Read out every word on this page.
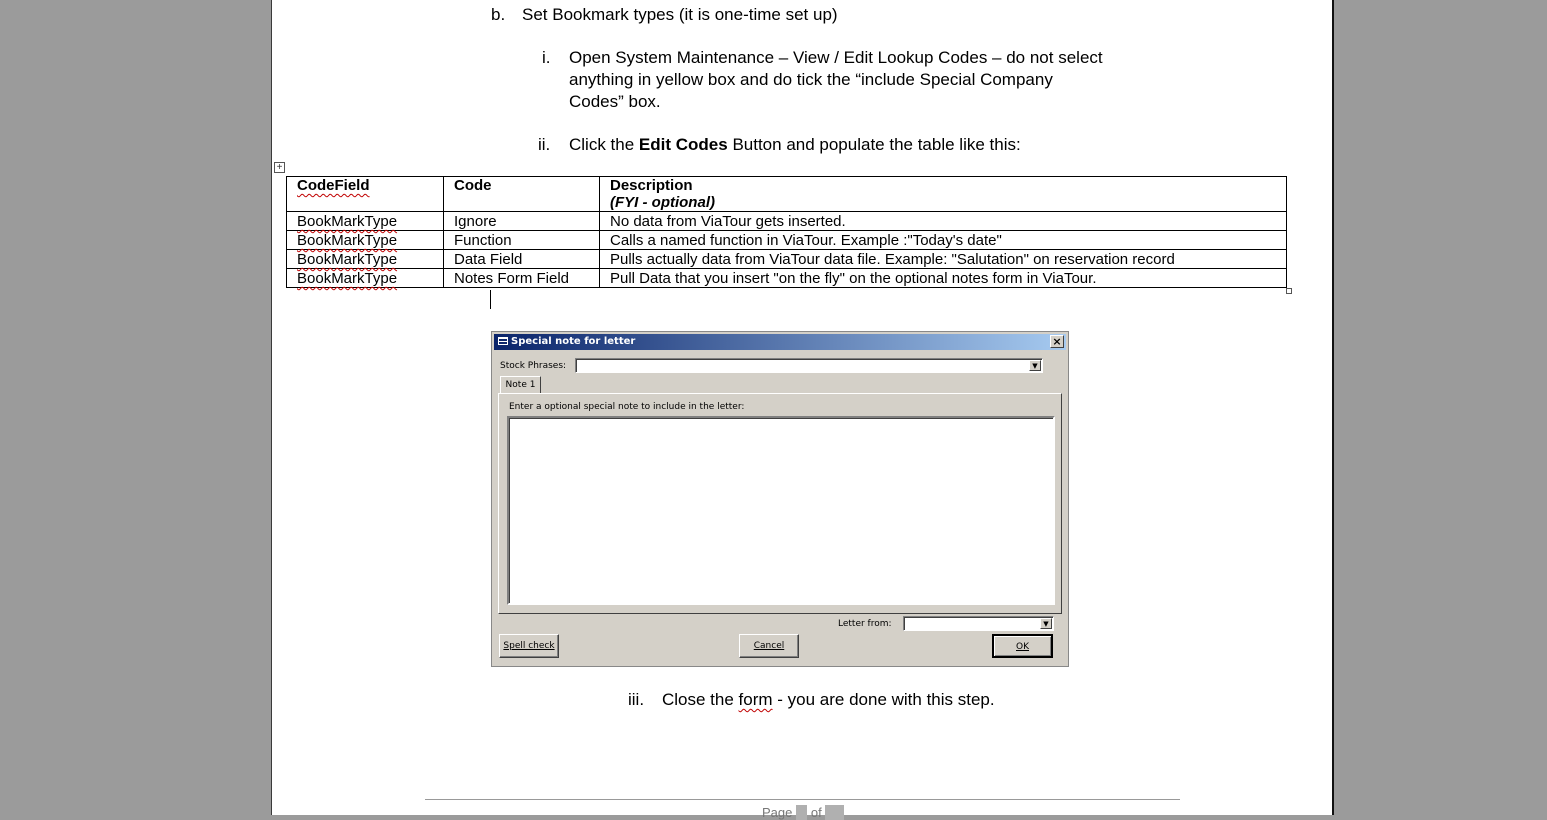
b. Set Bookmark types (it is one-time set up)
i. Open System Maintenance – View / Edit Lookup Codes – do not select
anything in yellow box and do tick the “include Special Company
Codes” box.
ii. Click the Edit Codes Button and populate the table like this:
+
CodeField	Code	Description
(FYI - optional)

BookMarkType	Ignore	No data from ViaTour gets inserted.
BookMarkType	Function	Calls a named function in ViaTour. Example :"Today's date"
BookMarkType	Data Field	Pulls actually data from ViaTour data file. Example: "Salutation" on reservation record
BookMarkType	Notes Form Field	Pull Data that you insert "on the fly" on the optional notes form in ViaTour.
Special note for letter	×
Stock Phrases:	▼
Note 1
Enter a optional special note to include in the letter:
Letter from:	▼
Spell check	Cancel	OK
iii. Close the form - you are done with this step.
Page 3 of 15
